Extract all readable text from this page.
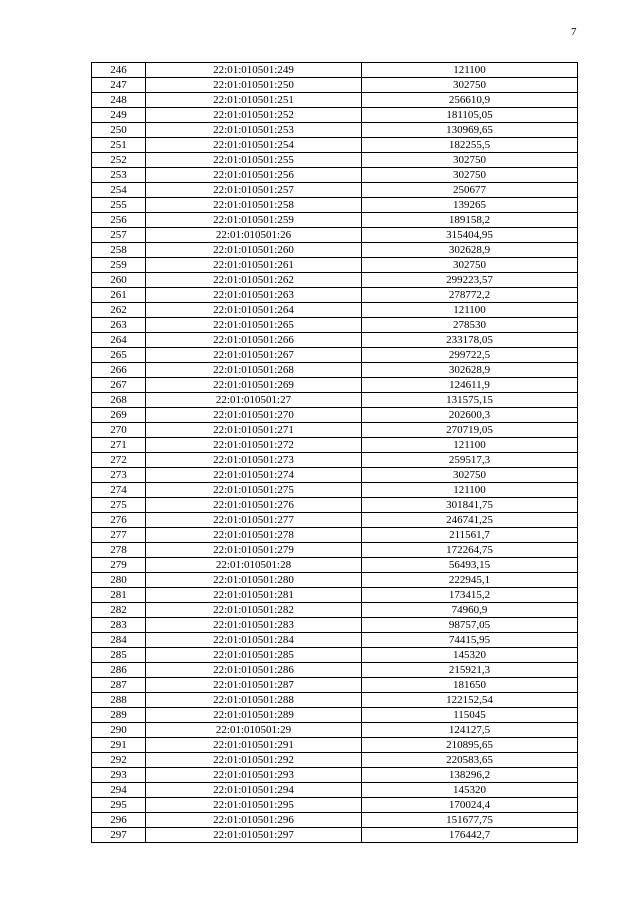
7
246	22:01:010501:249	121100
247	22:01:010501:250	302750
248	22:01:010501:251	256610,9
249	22:01:010501:252	181105,05
250	22:01:010501:253	130969,65
251	22:01:010501:254	182255,5
252	22:01:010501:255	302750
253	22:01:010501:256	302750
254	22:01:010501:257	250677
255	22:01:010501:258	139265
256	22:01:010501:259	189158,2
257	22:01:010501:26	315404,95
258	22:01:010501:260	302628,9
259	22:01:010501:261	302750
260	22:01:010501:262	299223,57
261	22:01:010501:263	278772,2
262	22:01:010501:264	121100
263	22:01:010501:265	278530
264	22:01:010501:266	233178,05
265	22:01:010501:267	299722,5
266	22:01:010501:268	302628,9
267	22:01:010501:269	124611,9
268	22:01:010501:27	131575,15
269	22:01:010501:270	202600,3
270	22:01:010501:271	270719,05
271	22:01:010501:272	121100
272	22:01:010501:273	259517,3
273	22:01:010501:274	302750
274	22:01:010501:275	121100
275	22:01:010501:276	301841,75
276	22:01:010501:277	246741,25
277	22:01:010501:278	211561,7
278	22:01:010501:279	172264,75
279	22:01:010501:28	56493,15
280	22:01:010501:280	222945,1
281	22:01:010501:281	173415,2
282	22:01:010501:282	74960,9
283	22:01:010501:283	98757,05
284	22:01:010501:284	74415,95
285	22:01:010501:285	145320
286	22:01:010501:286	215921,3
287	22:01:010501:287	181650
288	22:01:010501:288	122152,54
289	22:01:010501:289	115045
290	22:01:010501:29	124127,5
291	22:01:010501:291	210895,65
292	22:01:010501:292	220583,65
293	22:01:010501:293	138296,2
294	22:01:010501:294	145320
295	22:01:010501:295	170024,4
296	22:01:010501:296	151677,75
297	22:01:010501:297	176442,7
